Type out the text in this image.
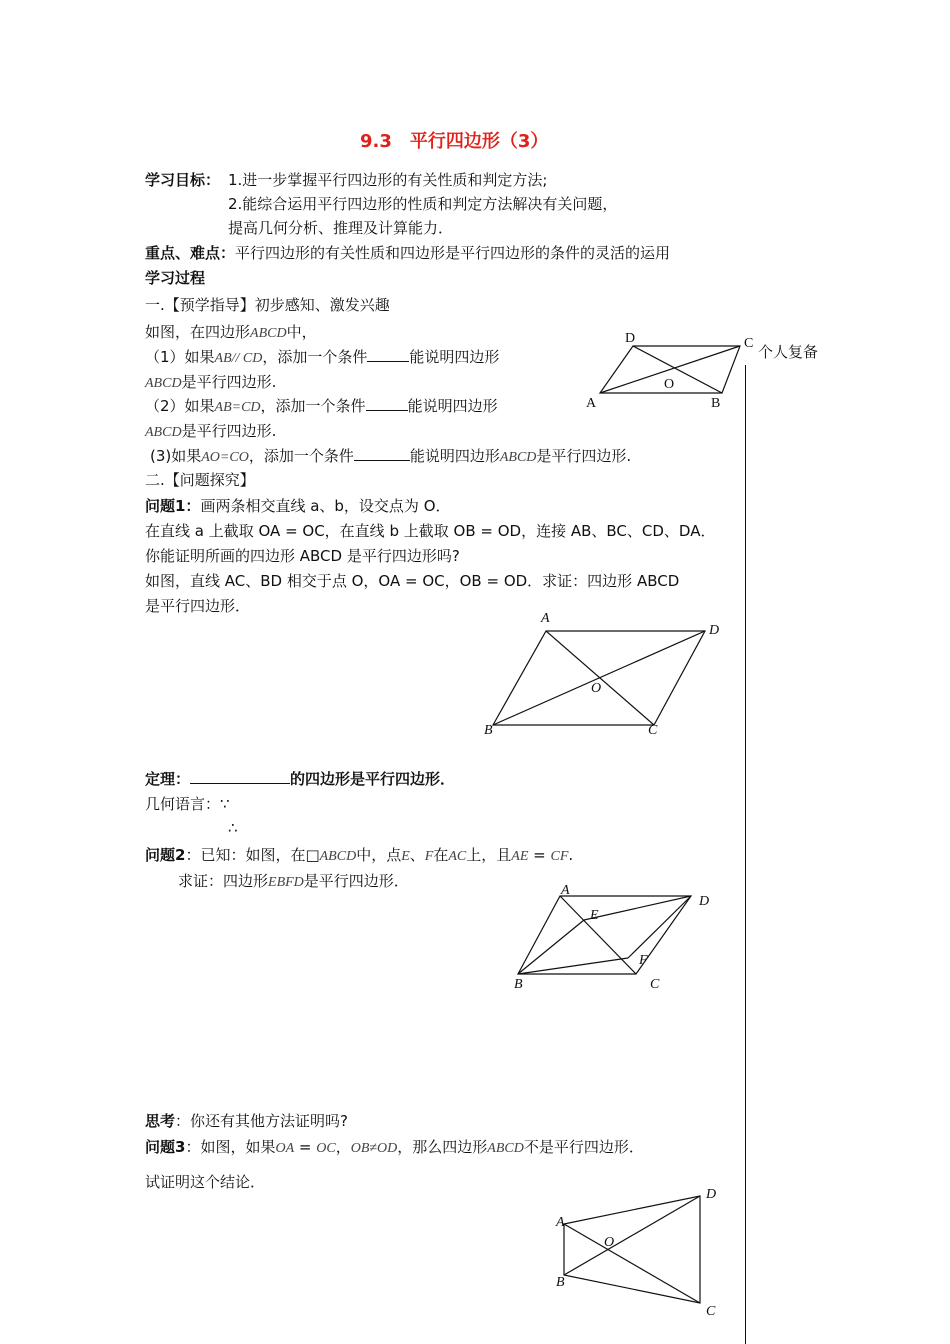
9.3　平行四边形（3）
个人复备
学习目标： 1.进一步掌握平行四边形的有关性质和判定方法;
2.能综合运用平行四边形的性质和判定方法解决有关问题，
提高几何分析、推理及计算能力．
重点、难点：平行四边形的有关性质和四边形是平行四边形的条件的灵活的运用
学习过程
一.【预学指导】初步感知、激发兴趣
如图，在四边形ABCD中，
（1）如果AB// CD，添加一个条件	能说明四边形
ABCD是平行四边形.
（2）如果AB=CD，添加一个条件	能说明四边形
ABCD是平行四边形.
(3)如果AO=CO，添加一个条件	能说明四边形ABCD是平行四边形.
A	B
C
D
O
二.【问题探究】
问题1：画两条相交直线 a、b，设交点为 O．
在直线 a 上截取 OA = OC，在直线 b 上截取 OB = OD，连接 AB、BC、CD、DA．
你能证明所画的四边形 ABCD 是平行四边形吗?
如图，直线 AC、BD 相交于点 O，OA = OC，OB = OD．求证：四边形 ABCD
是平行四边形．
A
B	C
D
O
定理：	的四边形是平行四边形．
几何语言：∵
∴
问题2：已知：如图，在□ABCD中，点E、F在AC上，且AE = CF.
求证：四边形EBFD是平行四边形．
A
B	C
D
E
F
思考：你还有其他方法证明吗?
问题3：如图，如果OA = OC，OB≠OD，那么四边形ABCD不是平行四边形．
试证明这个结论．
A
B
C
D
O
